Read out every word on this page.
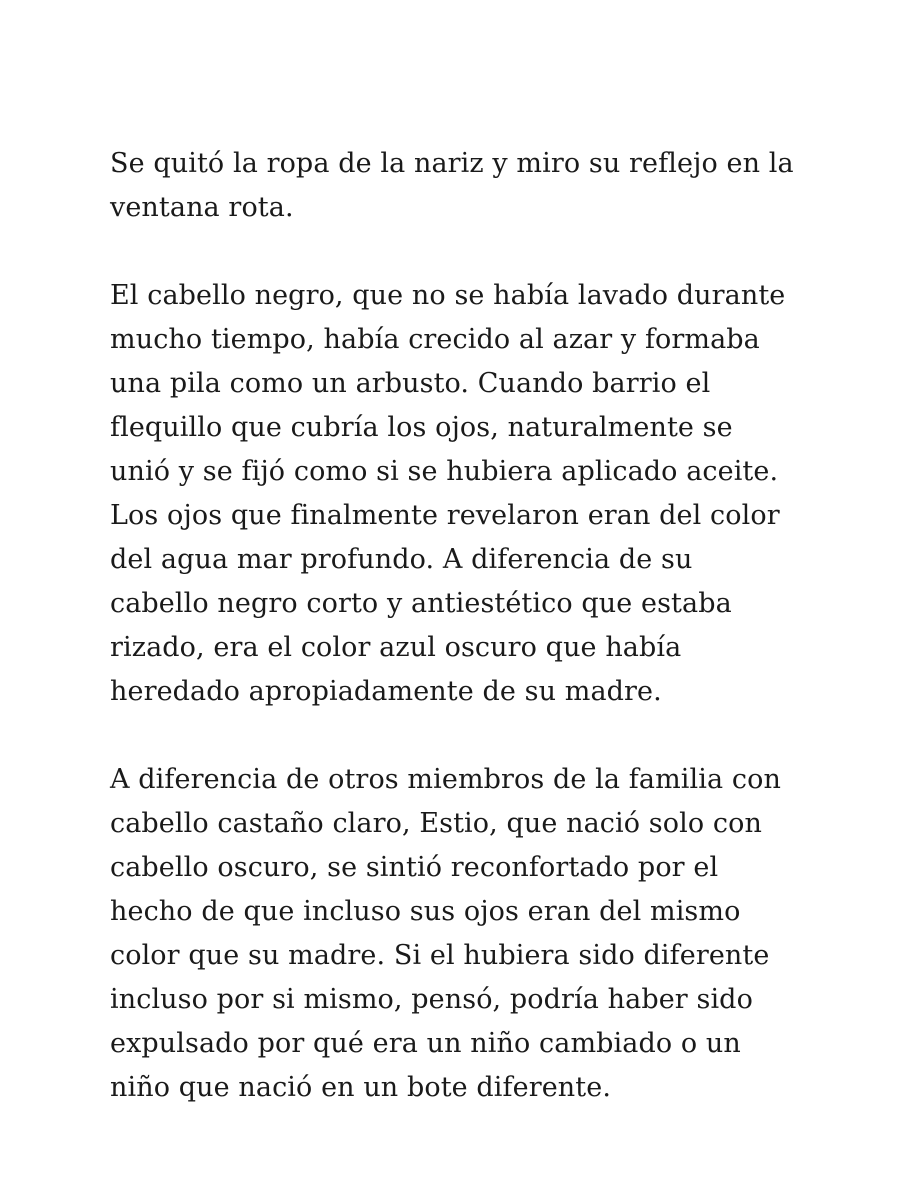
Se quitó la ropa de la nariz y miro su reflejo en la
ventana rota.

El cabello negro, que no se había lavado durante
mucho tiempo, había crecido al azar y formaba
una pila como un arbusto. Cuando barrio el
flequillo que cubría los ojos, naturalmente se
unió y se fijó como si se hubiera aplicado aceite.
Los ojos que finalmente revelaron eran del color
del agua mar profundo. A diferencia de su
cabello negro corto y antiestético que estaba
rizado, era el color azul oscuro que había
heredado apropiadamente de su madre.

A diferencia de otros miembros de la familia con
cabello castaño claro, Estio, que nació solo con
cabello oscuro, se sintió reconfortado por el
hecho de que incluso sus ojos eran del mismo
color que su madre. Si el hubiera sido diferente
incluso por si mismo, pensó, podría haber sido
expulsado por qué era un niño cambiado o un
niño que nació en un bote diferente.
